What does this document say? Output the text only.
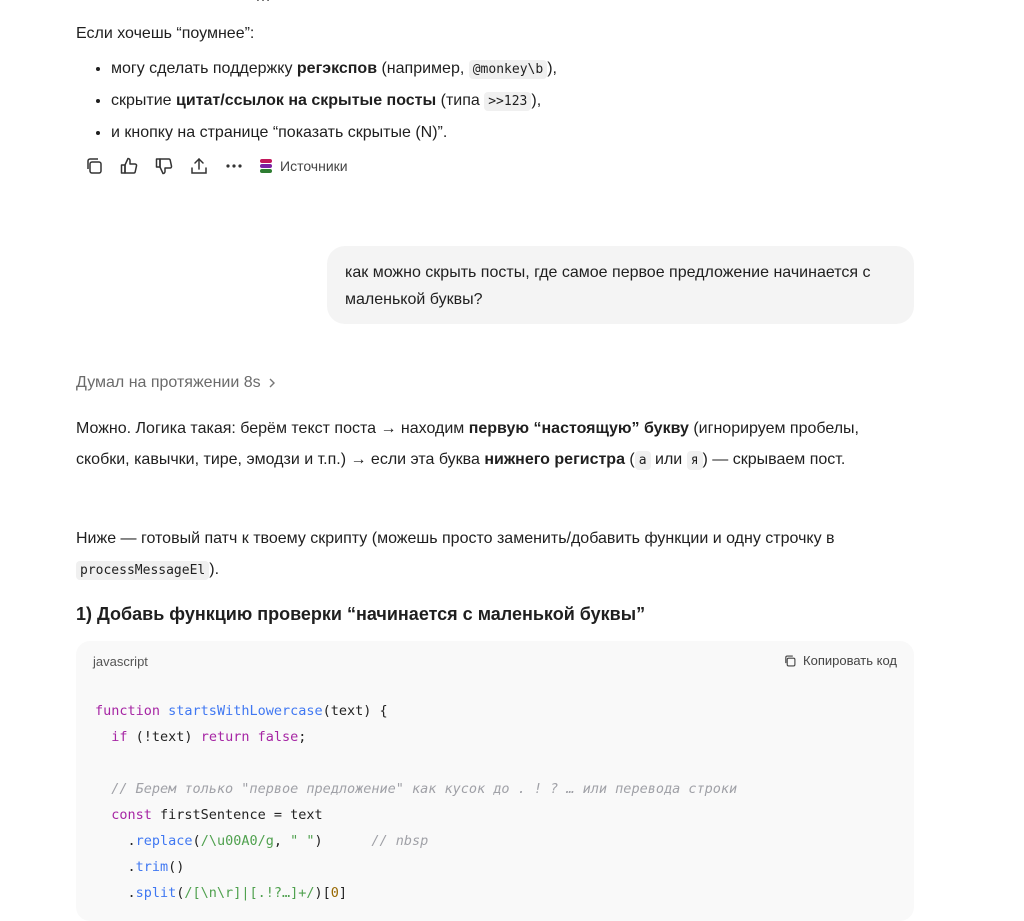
Если хочешь “поумнее”:

• могу сделать поддержку регэкспов (например, @monkey\b ),
• скрытие цитат/ссылок на скрытые посты (типа >>123 ),
• и кнопку на странице “показать скрытые (N)”.
Источники
как можно скрыть посты, где самое первое предложение начинается с маленькой буквы?
Думал на протяжении 8s

Можно. Логика такая: берём текст поста → находим первую “настоящую” букву (игнорируем пробелы, скобки, кавычки, тире, эмодзи и т.п.) → если эта буква нижнего регистра ( а или я ) — скрываем пост.

Ниже — готовый патч к твоему скрипту (можешь просто заменить/добавить функции и одну строчку в processMessageEl ).

1) Добавь функцию проверки “начинается с маленькой буквы”
javascript	Копировать код
function startsWithLowercase(text) {
if (!text) return false;

// Берем только "первое предложение" как кусок до . ! ? … или перевода строки
const firstSentence = text
.replace(/\u00A0/g, " ")      // nbsp
.trim()
.split(/[\n\r]|[.!?…]+/)[0]
